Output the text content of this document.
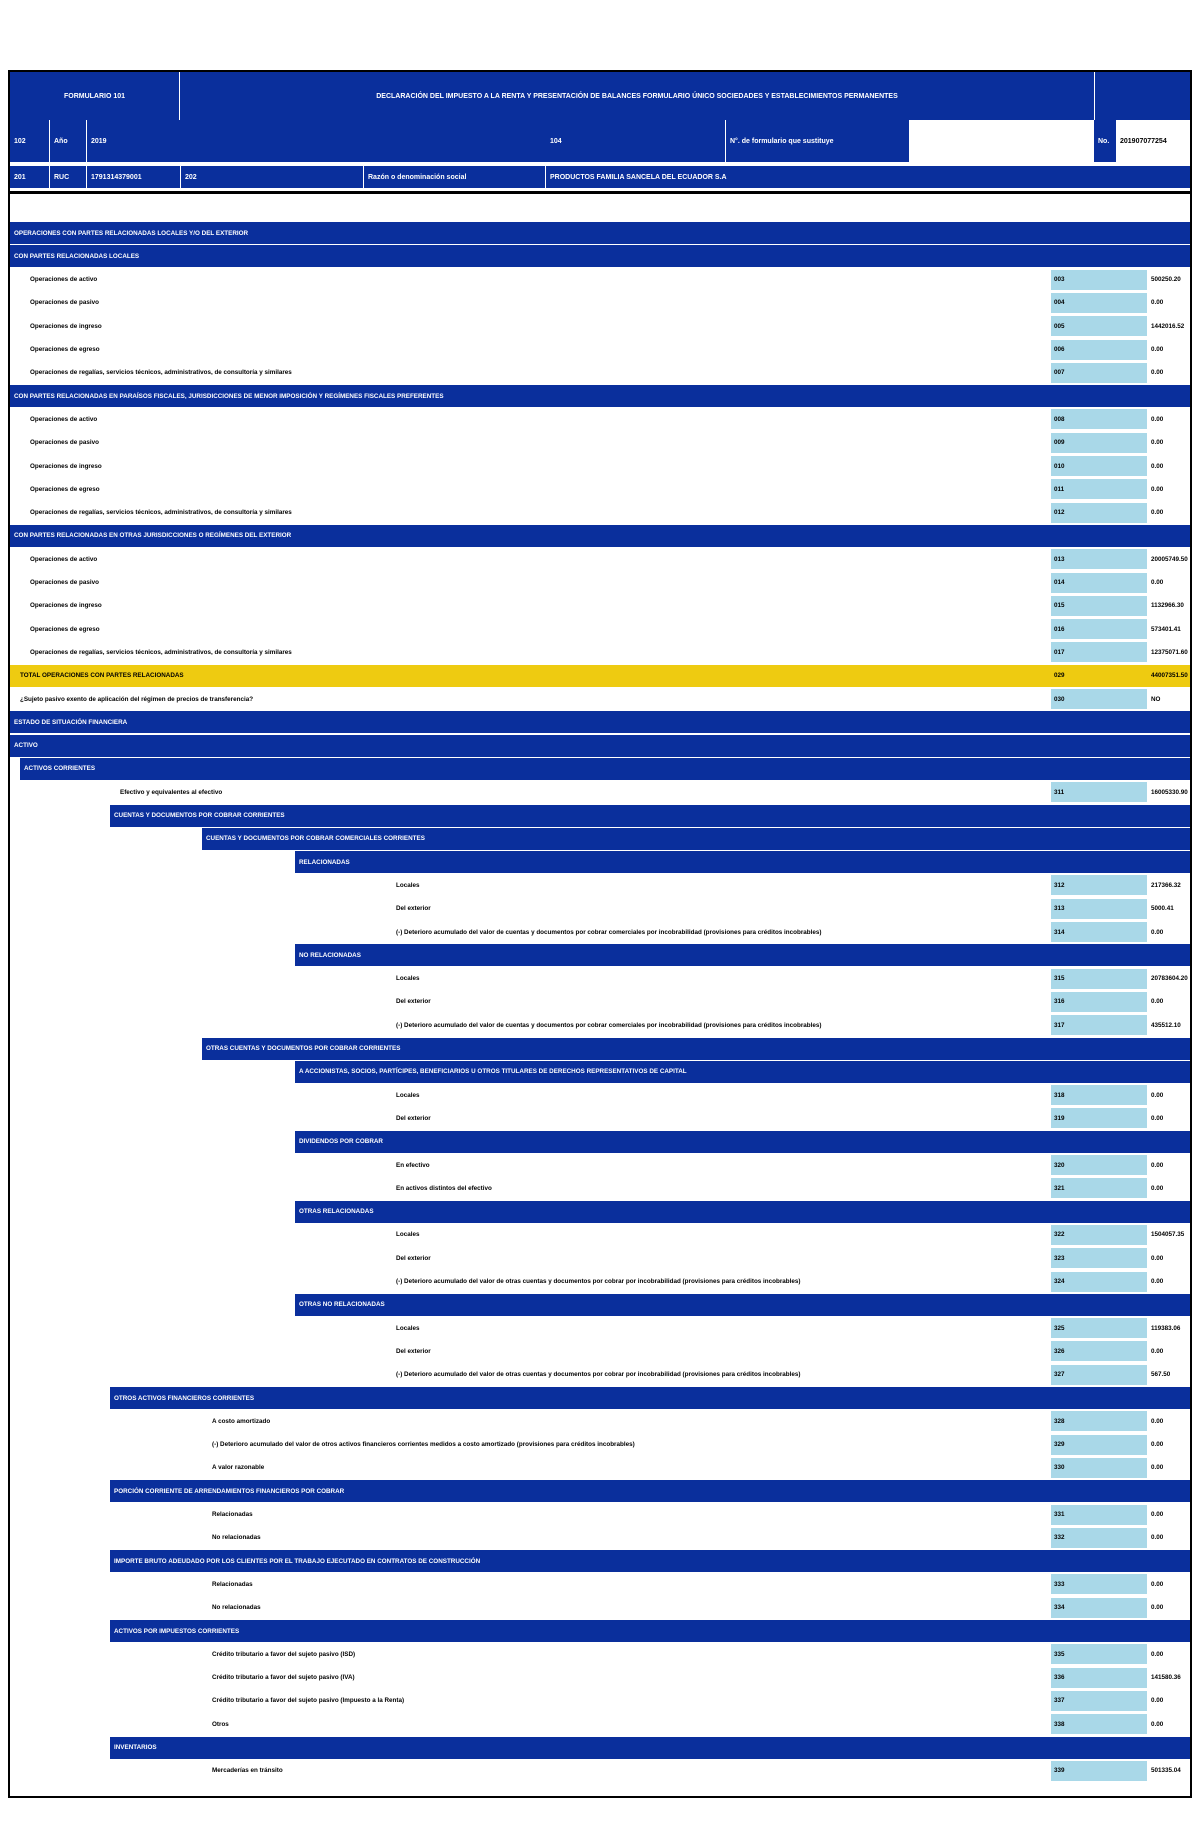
FORMULARIO 101	DECLARACIÓN DEL IMPUESTO A LA RENTA Y PRESENTACIÓN DE BALANCES FORMULARIO ÚNICO SOCIEDADES Y ESTABLECIMIENTOS PERMANENTES
102	Año	2019	104	N°. de formulario que sustituye	No.	201907077254
201	RUC	1791314379001	202	Razón o denominación social	PRODUCTOS FAMILIA SANCELA DEL ECUADOR S.A
OPERACIONES CON PARTES RELACIONADAS LOCALES Y/O DEL EXTERIOR
CON PARTES RELACIONADAS LOCALES
Operaciones de activo	003	500250.20
Operaciones de pasivo	004	0.00
Operaciones de ingreso	005	1442016.52
Operaciones de egreso	006	0.00
Operaciones de regalías, servicios técnicos, administrativos, de consultoría y similares	007	0.00
CON PARTES RELACIONADAS EN PARAÍSOS FISCALES, JURISDICCIONES DE MENOR IMPOSICIÓN Y REGÍMENES FISCALES PREFERENTES
Operaciones de activo	008	0.00
Operaciones de pasivo	009	0.00
Operaciones de ingreso	010	0.00
Operaciones de egreso	011	0.00
Operaciones de regalías, servicios técnicos, administrativos, de consultoría y similares	012	0.00
CON PARTES RELACIONADAS EN OTRAS JURISDICCIONES O REGÍMENES DEL EXTERIOR
Operaciones de activo	013	20005749.50
Operaciones de pasivo	014	0.00
Operaciones de ingreso	015	1132966.30
Operaciones de egreso	016	573401.41
Operaciones de regalías, servicios técnicos, administrativos, de consultoría y similares	017	12375071.60
TOTAL OPERACIONES CON PARTES RELACIONADAS	029	44007351.50
¿Sujeto pasivo exento de aplicación del régimen de precios de transferencia?	030	NO
ESTADO DE SITUACIÓN FINANCIERA
ACTIVO
ACTIVOS CORRIENTES
Efectivo y equivalentes al efectivo	311	16005330.90
CUENTAS Y DOCUMENTOS POR COBRAR CORRIENTES
CUENTAS Y DOCUMENTOS POR COBRAR COMERCIALES CORRIENTES
RELACIONADAS
Locales	312	217366.32
Del exterior	313	5000.41
(-) Deterioro acumulado del valor de cuentas y documentos por cobrar comerciales por incobrabilidad (provisiones para créditos incobrables)	314	0.00
NO RELACIONADAS
Locales	315	20783604.20
Del exterior	316	0.00
(-) Deterioro acumulado del valor de cuentas y documentos por cobrar comerciales por incobrabilidad (provisiones para créditos incobrables)	317	435512.10
OTRAS CUENTAS Y DOCUMENTOS POR COBRAR CORRIENTES
A ACCIONISTAS, SOCIOS, PARTÍCIPES, BENEFICIARIOS U OTROS TITULARES DE DERECHOS REPRESENTATIVOS DE CAPITAL
Locales	318	0.00
Del exterior	319	0.00
DIVIDENDOS POR COBRAR
En efectivo	320	0.00
En activos distintos del efectivo	321	0.00
OTRAS RELACIONADAS
Locales	322	1504057.35
Del exterior	323	0.00
(-) Deterioro acumulado del valor de otras cuentas y documentos por cobrar por incobrabilidad (provisiones para créditos incobrables)	324	0.00
OTRAS NO RELACIONADAS
Locales	325	119383.06
Del exterior	326	0.00
(-) Deterioro acumulado del valor de otras cuentas y documentos por cobrar por incobrabilidad (provisiones para créditos incobrables)	327	567.50
OTROS ACTIVOS FINANCIEROS CORRIENTES
A costo amortizado	328	0.00
(-) Deterioro acumulado del valor de otros activos financieros corrientes medidos a costo amortizado (provisiones para créditos incobrables)	329	0.00
A valor razonable	330	0.00
PORCIÓN CORRIENTE DE ARRENDAMIENTOS FINANCIEROS POR COBRAR
Relacionadas	331	0.00
No relacionadas	332	0.00
IMPORTE BRUTO ADEUDADO POR LOS CLIENTES POR EL TRABAJO EJECUTADO EN CONTRATOS DE CONSTRUCCIÓN
Relacionadas	333	0.00
No relacionadas	334	0.00
ACTIVOS POR IMPUESTOS CORRIENTES
Crédito tributario a favor del sujeto pasivo (ISD)	335	0.00
Crédito tributario a favor del sujeto pasivo (IVA)	336	141580.36
Crédito tributario a favor del sujeto pasivo (Impuesto a la Renta)	337	0.00
Otros	338	0.00
INVENTARIOS
Mercaderías en tránsito	339	501335.04
